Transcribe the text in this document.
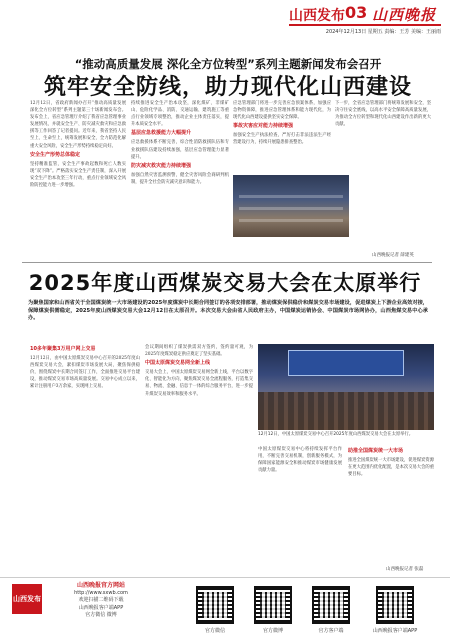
山西发布 03 山西晚报
2024年12月13日 星期五 责编：王芳 美编：王丽雨
“推动高质量发展 深化全方位转型”系列主题新闻发布会召开
筑牢安全防线，助力现代化山西建设
12月12日，省政府新闻办召开“推动高质量发展 深化全方位转型”系列主题第三十场新闻发布会。发布会上，省应急管理厅介绍了我省应急管理事业发展情况，并就安全生产、防灾减灾救灾和应急救援等工作回答了记者提问。近年来，我省坚持人民至上、生命至上，统筹发展和安全，全力防范化解重大安全风险，安全生产形势持续稳定向好。
安全生产形势总体稳定
坚持精准监管，安全生产事故起数和死亡人数实现“双下降”。严格落实安全生产责任制，深入开展安全生产治本攻坚三年行动，重点行业领域安全风险防控能力进一步增强。
持续推进安全生产治本攻坚，深化煤矿、非煤矿山、危险化学品、消防、交通运输、建筑施工等重点行业领域专项整治，推动企业主体责任落实，提升本质安全水平。
基层应急救援能力大幅提升
应急救援体系不断完善，综合性消防救援队伍和专业救援队伍建设持续加强，基层应急管理能力显著提升。
防灾减灾救灾能力持续增强
加强自然灾害监测预警，健全灾害风险会商研判机制，提升全社会防灾减灾意识和能力。
应急管理部门将进一步完善应急预案体系，加强应急物资保障，推进应急管理体系和能力现代化，为现代化山西建设提供坚实安全保障。
事故灾害应对能力持续增强
加强安全生产执法检查，严厉打击非法违法生产经营建设行为，持续开展隐患排查整治。
下一步，全省应急管理部门将统筹发展和安全，坚决守住安全底线，以高水平安全保障高质量发展，为推动全方位转型和现代化山西建设作出新的更大贡献。
山西晚报记者 薛建英
2025年度山西煤炭交易大会在太原举行
为聚焦国家和山西省关于全国煤炭统一大市场建设的2025年度煤炭中长期合同签订的各项安排部署，推动煤炭保供稳价和煤炭交易市场建设，促进煤炭上下游企业高效对接，保障煤炭供需稳定，2025年度山西煤炭交易大会12月12日在太原召开。本次交易大会由省人民政府主办，中国煤炭运销协会、中国煤炭市场网协办，山西焦煤交易中心承办。
10多年聚集3万用户网上交易
12月12日，由中国太原煤炭交易中心召开的2025年度山西煤炭交易大会，紧扣煤炭市场发展大局，聚焦保供稳价，围绕煤炭中长期合同签订工作，全面推进交易平台建设，推动煤炭交易市场高质量发展。交易中心成立以来，累计注册用户3万余家，实现网上交易。
会议期间组织了煤炭供需双方签约，签约量可观，为2025年度煤炭稳定供应奠定了坚实基础。
中国太原煤炭交易网全新上线
交易大会上，中国太原煤炭交易网全新上线，平台以数字化、智能化为方向，聚焦煤炭交易全流程服务，打造集交易、物流、金融、信息于一体的综合服务平台，进一步提升煤炭交易效率和服务水平。
12月12日，中国太原煤炭交易中心召开2025年度山西煤炭交易大会在太原举行。
中国太原煤炭交易中心将持续发挥平台作用，不断完善交易机制，创新服务模式，为保障国家能源安全和推动煤炭市场健康发展贡献力量。
助推全国煤炭统一大市场
推进全国煤炭统一大市场建设，促进煤炭资源在更大范围内优化配置，是本次交易大会的重要目标。
山西晚报记者 张磊
山西发布
山西晚报官方网站
http://www.sxwb.com
欢迎扫描二维码下载
山西晚报客户端APP
官方微信 微博
官方微信	官方微博	官方客户端	山西晚报客户端APP
